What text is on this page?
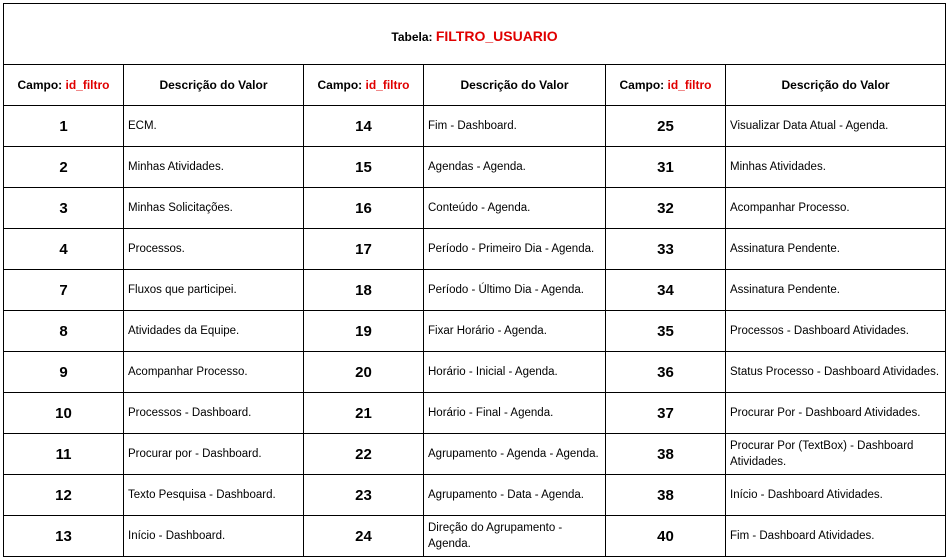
Tabela: FILTRO_USUARIO					
Campo: id_filtro	Descrição do Valor	Campo: id_filtro	Descrição do Valor	Campo: id_filtro	Descrição do Valor
1	ECM.	14	Fim - Dashboard.	25	Visualizar Data Atual - Agenda.
2	Minhas Atividades.	15	Agendas - Agenda.	31	Minhas Atividades.
3	Minhas Solicitações.	16	Conteúdo - Agenda.	32	Acompanhar Processo.
4	Processos.	17	Período - Primeiro Dia - Agenda.	33	Assinatura Pendente.
7	Fluxos que participei.	18	Período - Último Dia - Agenda.	34	Assinatura Pendente.
8	Atividades da Equipe.	19	Fixar Horário - Agenda.	35	Processos - Dashboard Atividades.
9	Acompanhar Processo.	20	Horário - Inicial - Agenda.	36	Status Processo - Dashboard Atividades.
10	Processos - Dashboard.	21	Horário - Final - Agenda.	37	Procurar Por - Dashboard Atividades.
11	Procurar por - Dashboard.	22	Agrupamento - Agenda - Agenda.	38	Procurar Por (TextBox) - Dashboard Atividades.
12	Texto Pesquisa - Dashboard.	23	Agrupamento - Data - Agenda.	38	Início - Dashboard Atividades.
13	Início - Dashboard.	24	Direção do Agrupamento - Agenda.	40	Fim - Dashboard Atividades.
